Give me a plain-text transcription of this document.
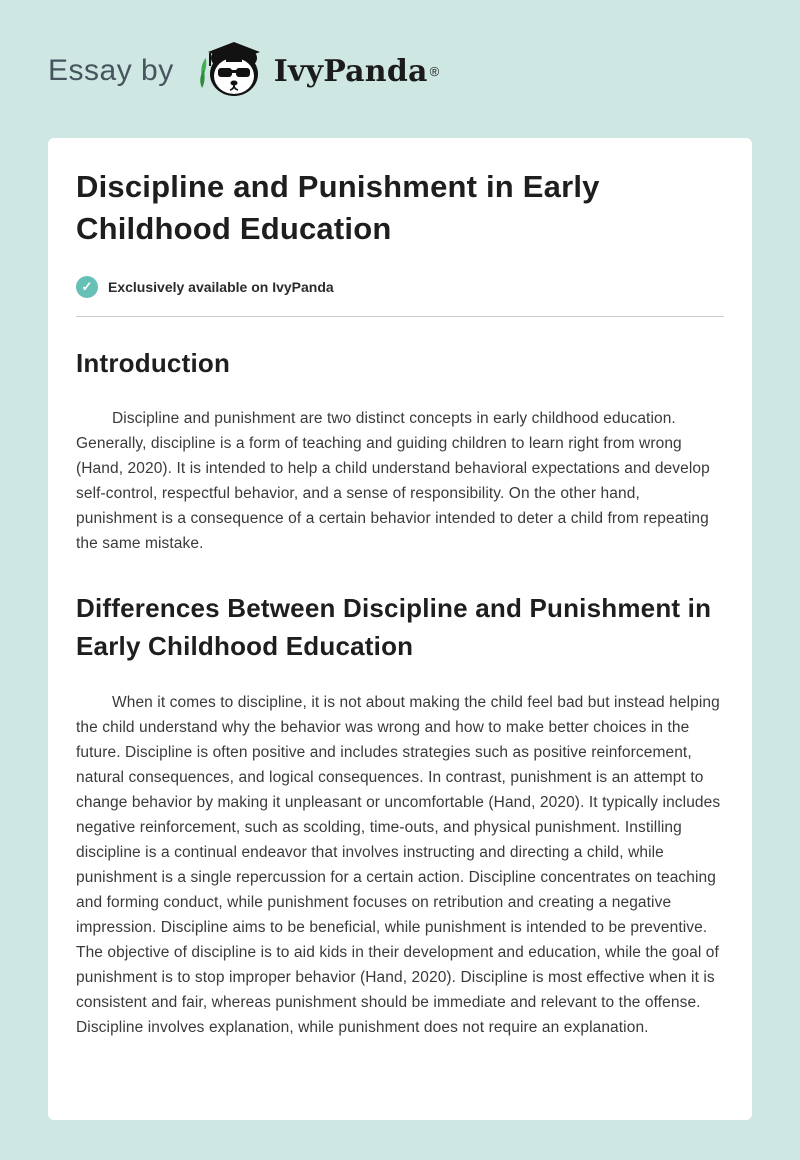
Essay by	IvyPanda ®
Discipline and Punishment in Early Childhood Education
✓	Exclusively available on IvyPanda
Introduction

Discipline and punishment are two distinct concepts in early childhood education. Generally, discipline is a form of teaching and guiding children to learn right from wrong (Hand, 2020). It is intended to help a child understand behavioral expectations and develop self-control, respectful behavior, and a sense of responsibility. On the other hand, punishment is a consequence of a certain behavior intended to deter a child from repeating the same mistake.

Differences Between Discipline and Punishment in Early Childhood Education

When it comes to discipline, it is not about making the child feel bad but instead helping the child understand why the behavior was wrong and how to make better choices in the future. Discipline is often positive and includes strategies such as positive reinforcement, natural consequences, and logical consequences. In contrast, punishment is an attempt to change behavior by making it unpleasant or uncomfortable (Hand, 2020). It typically includes negative reinforcement, such as scolding, time-outs, and physical punishment. Instilling discipline is a continual endeavor that involves instructing and directing a child, while punishment is a single repercussion for a certain action. Discipline concentrates on teaching and forming conduct, while punishment focuses on retribution and creating a negative impression. Discipline aims to be beneficial, while punishment is intended to be preventive. The objective of discipline is to aid kids in their development and education, while the goal of punishment is to stop improper behavior (Hand, 2020). Discipline is most effective when it is consistent and fair, whereas punishment should be immediate and relevant to the offense. Discipline involves explanation, while punishment does not require an explanation.
